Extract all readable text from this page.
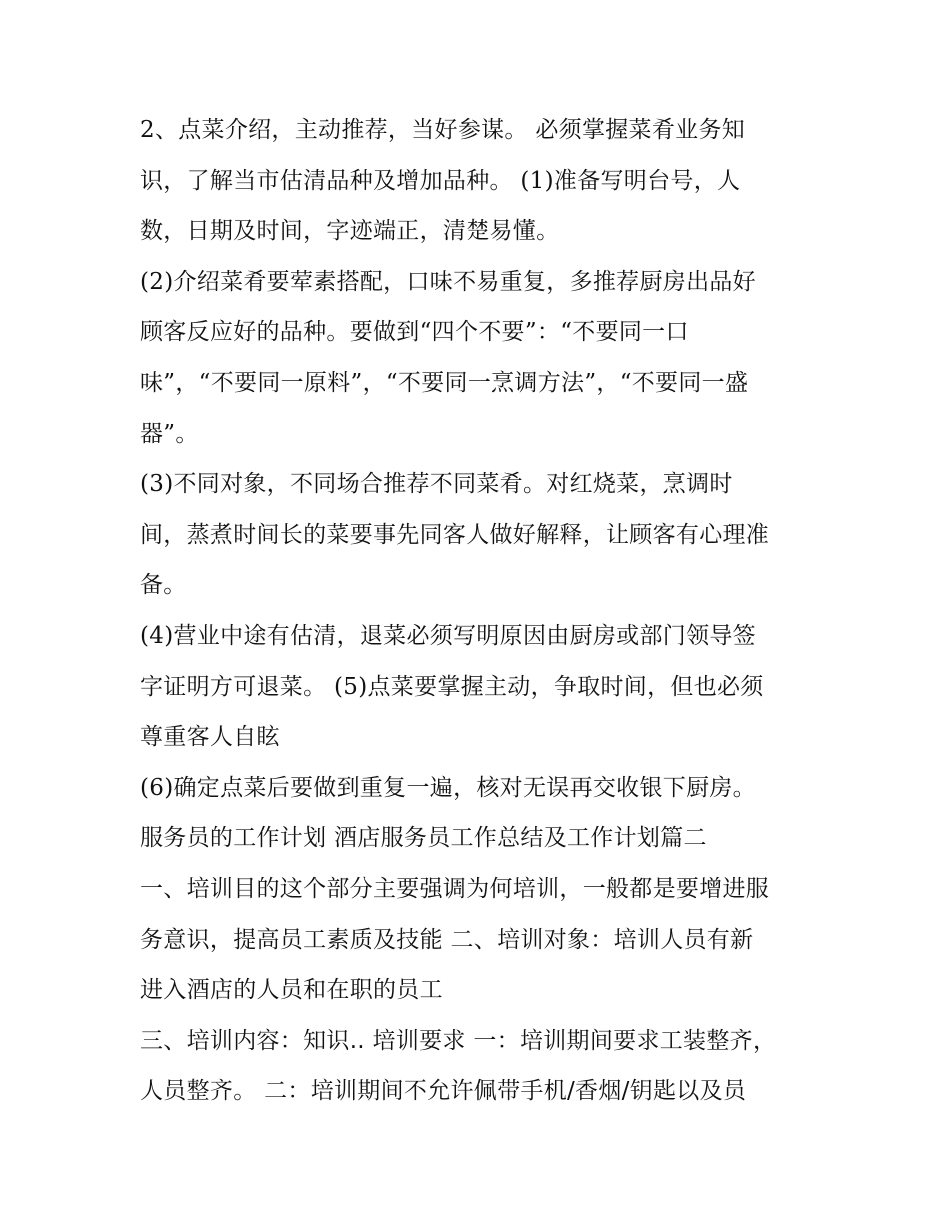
2、点菜介绍，主动推荐，当好参谋。 必须掌握菜肴业务知
识，了解当市估清品种及增加品种。 (1)准备写明台号，人
数，日期及时间，字迹端正，清楚易懂。
(2)介绍菜肴要荤素搭配，口味不易重复，多推荐厨房出品好
顾客反应好的品种。要做到“四个不要”：“不要同一口
味”，“不要同一原料”，“不要同一烹调方法”，“不要同一盛
器”。
(3)不同对象，不同场合推荐不同菜肴。对红烧菜，烹调时
间，蒸煮时间长的菜要事先同客人做好解释，让顾客有心理准
备。
(4)营业中途有估清，退菜必须写明原因由厨房或部门领导签
字证明方可退菜。 (5)点菜要掌握主动，争取时间，但也必须
尊重客人自眩
(6)确定点菜后要做到重复一遍，核对无误再交收银下厨房。
服务员的工作计划 酒店服务员工作总结及工作计划篇二
一、培训目的这个部分主要强调为何培训，一般都是要增进服
务意识，提高员工素质及技能 二、培训对象：培训人员有新
进入酒店的人员和在职的员工
三、培训内容：知识.. 培训要求 一：培训期间要求工装整齐，
人员整齐。 二：培训期间不允许佩带手机/香烟/钥匙以及员
